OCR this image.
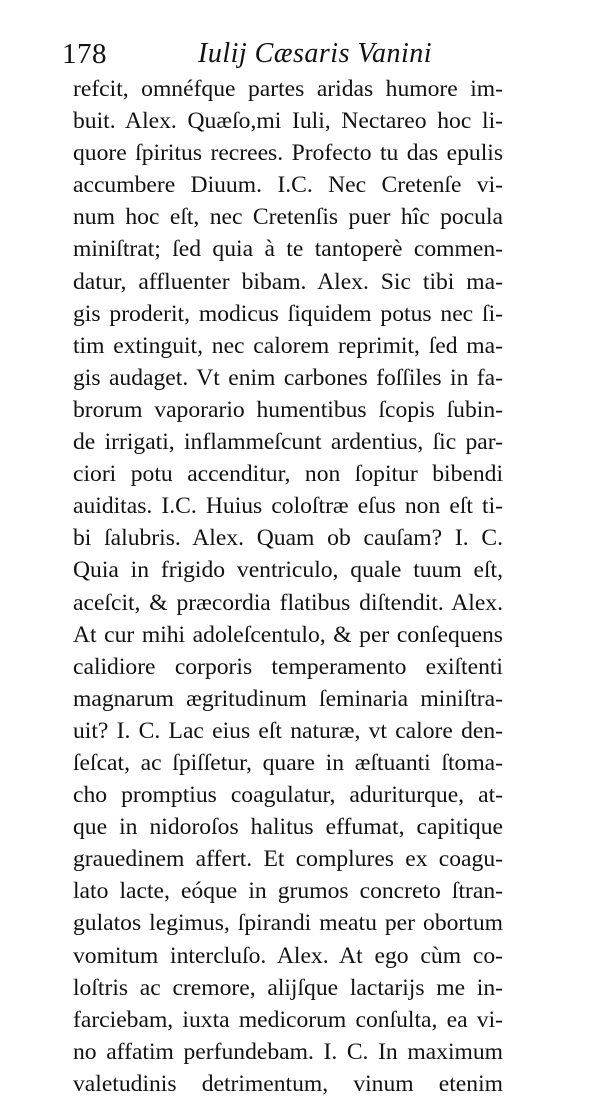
178	Iulij Cæsaris Vanini
refcit, omnéfque partes aridas humore im-
buit. Alex. Quæſo,mi Iuli, Nectareo hoc li-
quore ſpiritus recrees. Profecto tu das epulis
accumbere Diuum. I.C. Nec Cretenſe vi-
num hoc eſt, nec Cretenſis puer hîc pocula
miniſtrat; ſed quia à te tantoperè commen-
datur, affluenter bibam. Alex. Sic tibi ma-
gis proderit, modicus ſiquidem potus nec ſi-
tim extinguit, nec calorem reprimit, ſed ma-
gis audaget. Vt enim carbones foſſiles in fa-
brorum vaporario humentibus ſcopis ſubin-
de irrigati, inflammeſcunt ardentius, ſic par-
ciori potu accenditur, non ſopitur bibendi
auiditas. I.C. Huius coloſtræ eſus non eſt ti-
bi ſalubris. Alex. Quam ob cauſam? I. C.
Quia in frigido ventriculo, quale tuum eſt,
aceſcit, & præcordia flatibus diſtendit. Alex.
At cur mihi adoleſcentulo, & per conſequens
calidiore corporis temperamento exiſtenti
magnarum ægritudinum ſeminaria miniſtra-
uit? I. C. Lac eius eſt naturæ, vt calore den-
ſeſcat, ac ſpiſſetur, quare in æſtuanti ſtoma-
cho promptius coagulatur, aduriturque, at-
que in nidoroſos halitus effumat, capitique
grauedinem affert. Et complures ex coagu-
lato lacte, eóque in grumos concreto ſtran-
gulatos legimus, ſpirandi meatu per obortum
vomitum intercluſo. Alex. At ego cùm co-
loſtris ac cremore, alijſque lactarijs me in-
farciebam, iuxta medicorum conſulta, ea vi-
no affatim perfundebam. I. C. In maximum
valetudinis detrimentum, vinum etenim
